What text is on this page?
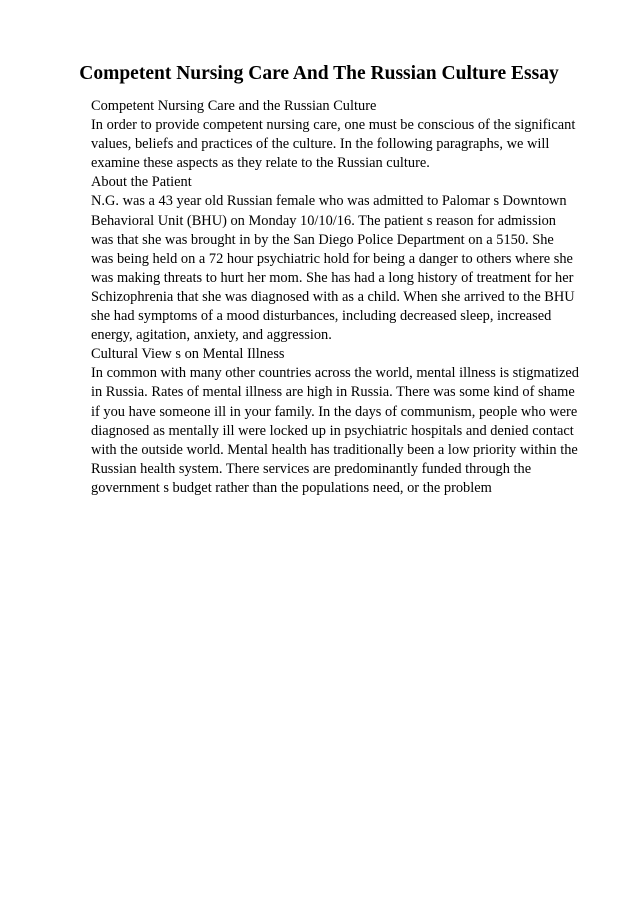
Competent Nursing Care And The Russian Culture Essay
Competent Nursing Care and the Russian Culture
In order to provide competent nursing care, one must be conscious of the significant
values, beliefs and practices of the culture. In the following paragraphs, we will
examine these aspects as they relate to the Russian culture.
About the Patient
N.G. was a 43 year old Russian female who was admitted to Palomar s Downtown
Behavioral Unit (BHU) on Monday 10/10/16. The patient s reason for admission
was that she was brought in by the San Diego Police Department on a 5150. She
was being held on a 72 hour psychiatric hold for being a danger to others where she
was making threats to hurt her mom. She has had a long history of treatment for her
Schizophrenia that she was diagnosed with as a child. When she arrived to the BHU
she had symptoms of a mood disturbances, including decreased sleep, increased
energy, agitation, anxiety, and aggression.
Cultural View s on Mental Illness
In common with many other countries across the world, mental illness is stigmatized
in Russia. Rates of mental illness are high in Russia. There was some kind of shame
if you have someone ill in your family. In the days of communism, people who were
diagnosed as mentally ill were locked up in psychiatric hospitals and denied contact
with the outside world. Mental health has traditionally been a low priority within the
Russian health system. There services are predominantly funded through the
government s budget rather than the populations need, or the problem
